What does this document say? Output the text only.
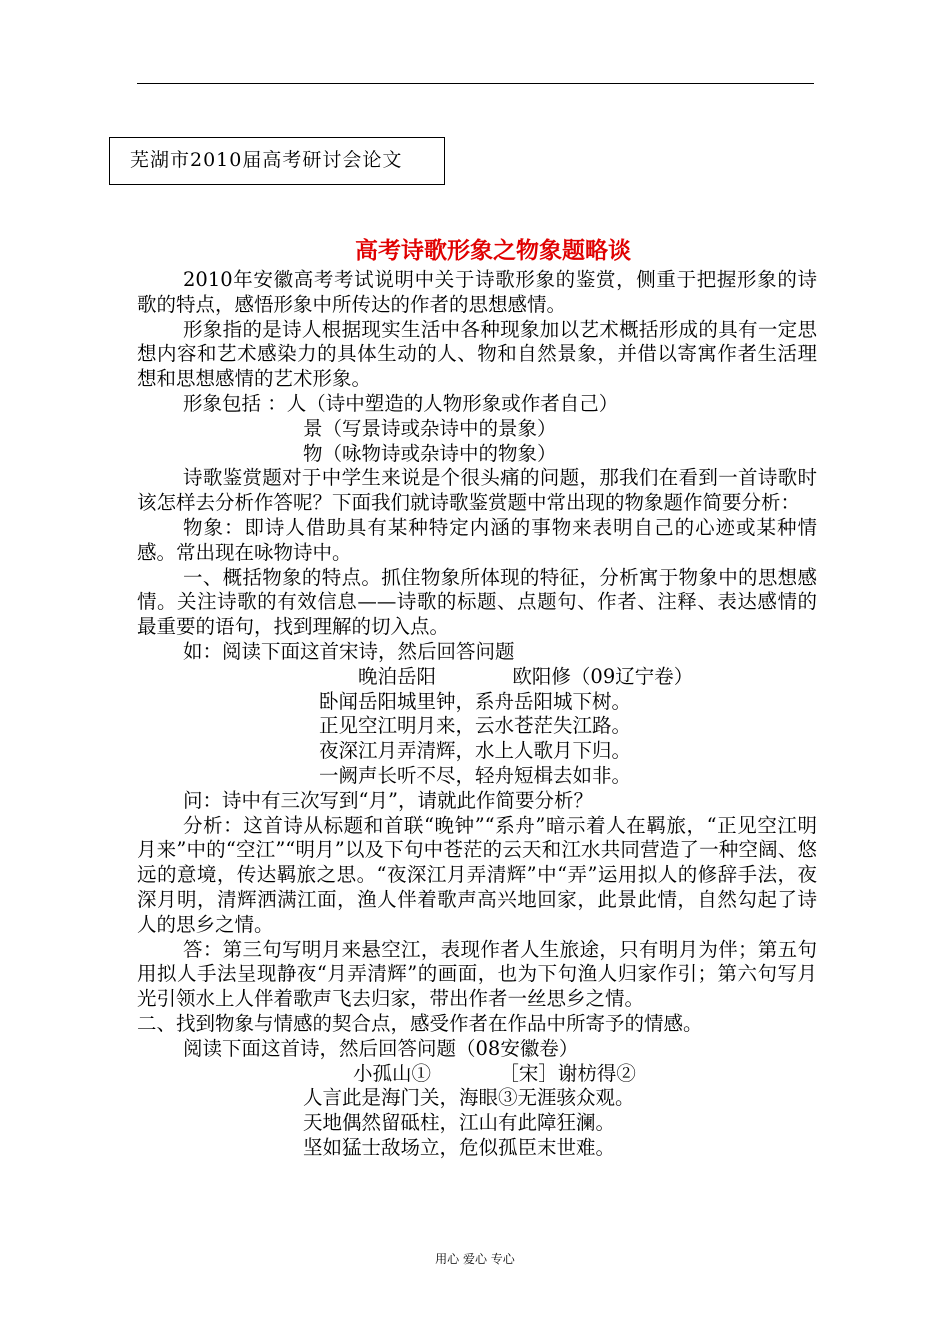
芜湖市2010届高考研讨会论文
高考诗歌形象之物象题略谈

2010年安徽高考考试说明中关于诗歌形象的鉴赏，侧重于把握形象的诗歌的特点，感悟形象中所传达的作者的思想感情。

形象指的是诗人根据现实生活中各种现象加以艺术概括形成的具有一定思想内容和艺术感染力的具体生动的人、物和自然景象，并借以寄寓作者生活理想和思想感情的艺术形象。

形象包括 ：人（诗中塑造的人物形象或作者自己）
景（写景诗或杂诗中的景象）
物（咏物诗或杂诗中的物象）

诗歌鉴赏题对于中学生来说是个很头痛的问题，那我们在看到一首诗歌时该怎样去分析作答呢？下面我们就诗歌鉴赏题中常出现的物象题作简要分析：

物象：即诗人借助具有某种特定内涵的事物来表明自己的心迹或某种情感。常出现在咏物诗中。

一、概括物象的特点。抓住物象所体现的特征，分析寓于物象中的思想感情。关注诗歌的有效信息——诗歌的标题、点题句、作者、注释、表达感情的最重要的语句，找到理解的切入点。

如：阅读下面这首宋诗，然后回答问题

晚泊岳阳	欧阳修（09辽宁卷）

卧闻岳阳城里钟，系舟岳阳城下树。
正见空江明月来，云水苍茫失江路。
夜深江月弄清辉，水上人歌月下归。
一阙声长听不尽，轻舟短楫去如非。

问：诗中有三次写到“月”，请就此作简要分析？

分析：这首诗从标题和首联“晚钟”“系舟”暗示着人在羁旅，“正见空江明月来”中的“空江”“明月”以及下句中苍茫的云天和江水共同营造了一种空阔、悠远的意境，传达羁旅之思。“夜深江月弄清辉”中“弄”运用拟人的修辞手法，夜深月明，清辉洒满江面，渔人伴着歌声高兴地回家，此景此情，自然勾起了诗人的思乡之情。

答：第三句写明月来悬空江，表现作者人生旅途，只有明月为伴；第五句用拟人手法呈现静夜“月弄清辉”的画面，也为下句渔人归家作引；第六句写月光引领水上人伴着歌声飞去归家，带出作者一丝思乡之情。

二、找到物象与情感的契合点，感受作者在作品中所寄予的情感。

阅读下面这首诗，然后回答问题（08安徽卷）

小孤山①	［宋］谢枋得②

人言此是海门关，海眼③无涯骇众观。
天地偶然留砥柱，江山有此障狂澜。
坚如猛士敌场立，危似孤臣末世难。

用心 爱心 专心
